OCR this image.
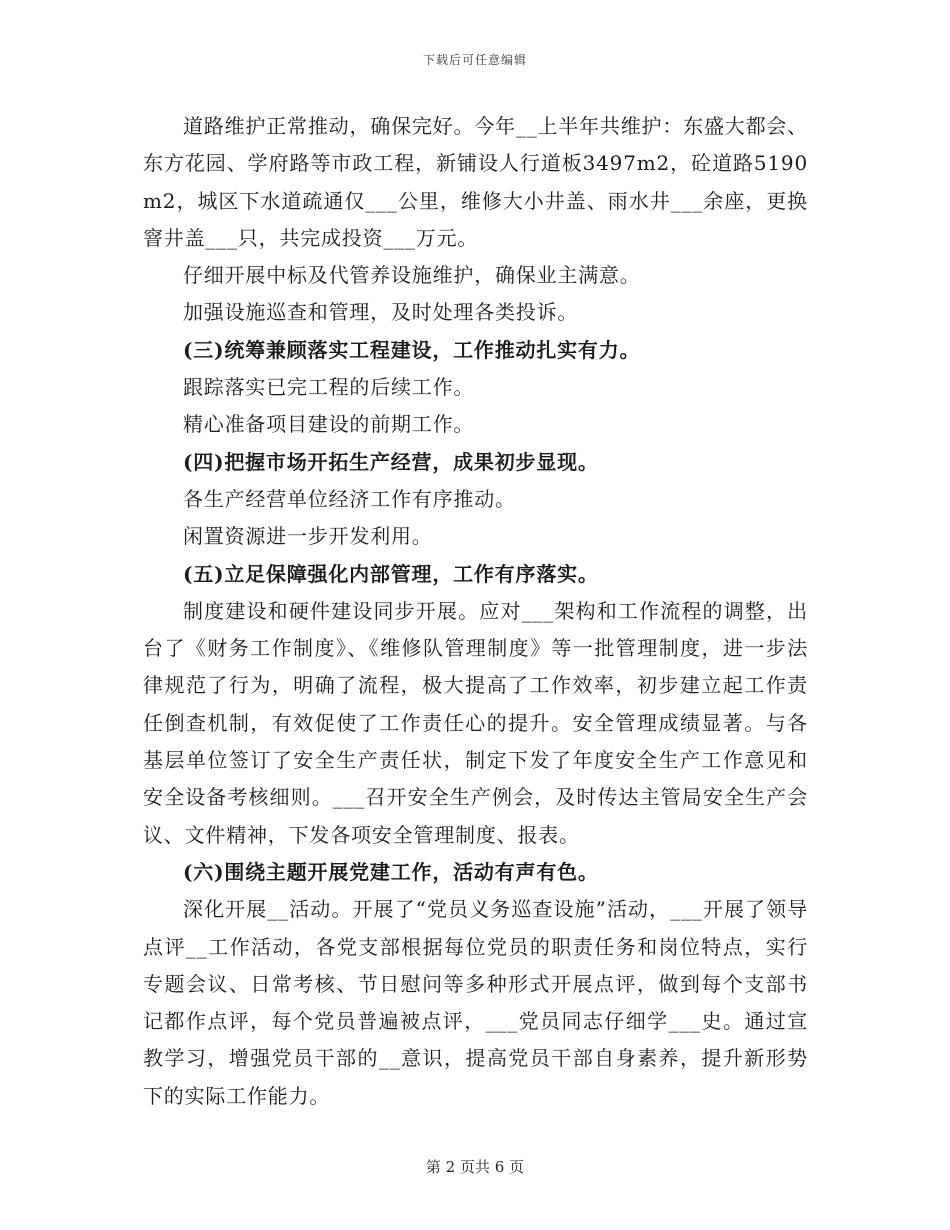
下载后可任意编辑

道路维护正常推动，确保完好。今年__上半年共维护：东盛大都会、东方花园、学府路等市政工程，新铺设人行道板3497m2，砼道路5190m2，城区下水道疏通仅___公里，维修大小井盖、雨水井___余座，更换窨井盖___只，共完成投资___万元。

仔细开展中标及代管养设施维护，确保业主满意。

加强设施巡查和管理，及时处理各类投诉。

(三)统筹兼顾落实工程建设，工作推动扎实有力。

跟踪落实已完工程的后续工作。

精心准备项目建设的前期工作。

(四)把握市场开拓生产经营，成果初步显现。

各生产经营单位经济工作有序推动。

闲置资源进一步开发利用。

(五)立足保障强化内部管理，工作有序落实。

制度建设和硬件建设同步开展。应对___架构和工作流程的调整，出台了《财务工作制度》、《维修队管理制度》等一批管理制度，进一步法律规范了行为，明确了流程，极大提高了工作效率，初步建立起工作责任倒查机制，有效促使了工作责任心的提升。安全管理成绩显著。与各基层单位签订了安全生产责任状，制定下发了年度安全生产工作意见和安全设备考核细则。___召开安全生产例会，及时传达主管局安全生产会议、文件精神，下发各项安全管理制度、报表。

(六)围绕主题开展党建工作，活动有声有色。

深化开展__活动。开展了“党员义务巡查设施”活动，___开展了领导点评__工作活动，各党支部根据每位党员的职责任务和岗位特点，实行专题会议、日常考核、节日慰问等多种形式开展点评，做到每个支部书记都作点评，每个党员普遍被点评，___党员同志仔细学___史。通过宣教学习，增强党员干部的__意识，提高党员干部自身素养，提升新形势下的实际工作能力。

第 2 页共 6 页
